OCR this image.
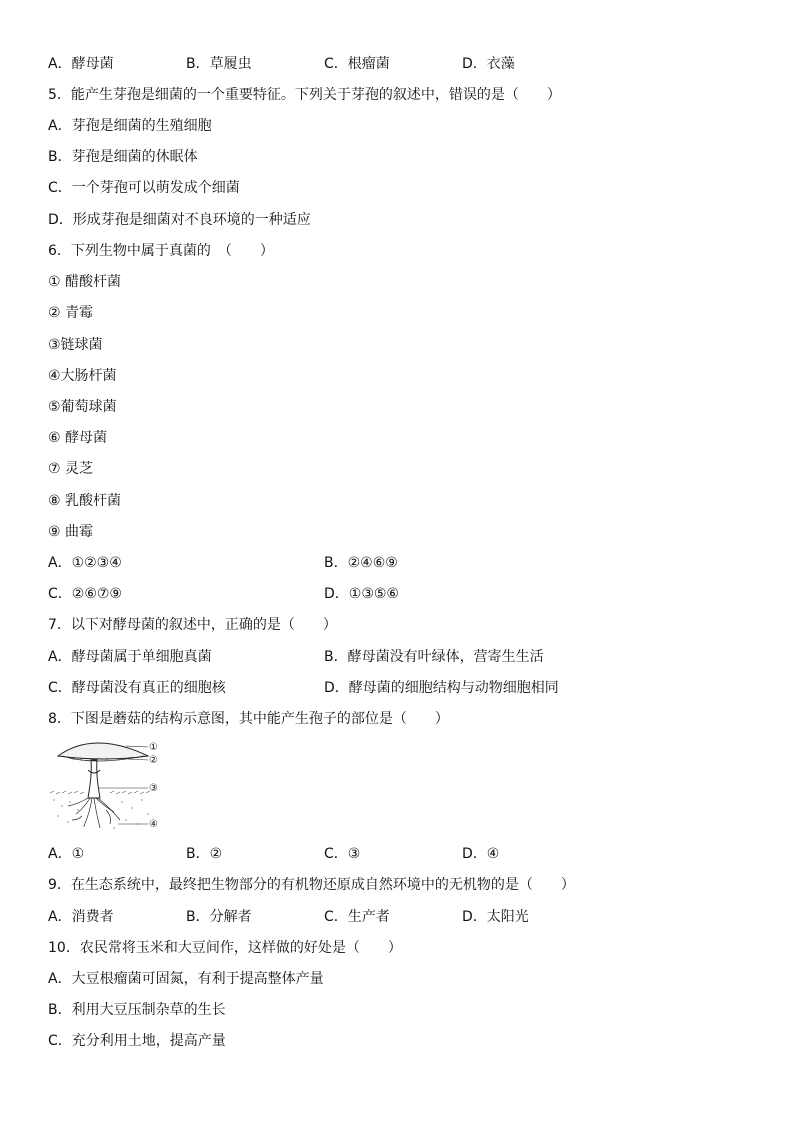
A．酵母菌	B．草履虫	C．根瘤菌	D．衣藻
5．能产生芽孢是细菌的一个重要特征。下列关于芽孢的叙述中，错误的是（　　）
A．芽孢是细菌的生殖细胞
B．芽孢是细菌的休眠体
C．一个芽孢可以萌发成个细菌
D．形成芽孢是细菌对不良环境的一种适应
6．下列生物中属于真菌的　（　　）
① 醋酸杆菌
② 青霉
③链球菌
④大肠杆菌
⑤葡萄球菌
⑥ 酵母菌
⑦ 灵芝
⑧ 乳酸杆菌
⑨ 曲霉
A．①②③④	B．②④⑥⑨
C．②⑥⑦⑨	D．①③⑤⑥
7．以下对酵母菌的叙述中，正确的是（　　）
A．酵母菌属于单细胞真菌	B．酵母菌没有叶绿体，营寄生生活
C．酵母菌没有真正的细胞核	D．酵母菌的细胞结构与动物细胞相同
8．下图是蘑菇的结构示意图，其中能产生孢子的部位是（　　）
①
②
③
④
A．①	B．②	C．③	D．④
9．在生态系统中，最终把生物部分的有机物还原成自然环境中的无机物的是（　　）
A．消费者	B．分解者	C．生产者	D．太阳光
10．农民常将玉米和大豆间作，这样做的好处是（　　）
A．大豆根瘤菌可固氮，有利于提高整体产量
B．利用大豆压制杂草的生长
C．充分利用土地，提高产量
